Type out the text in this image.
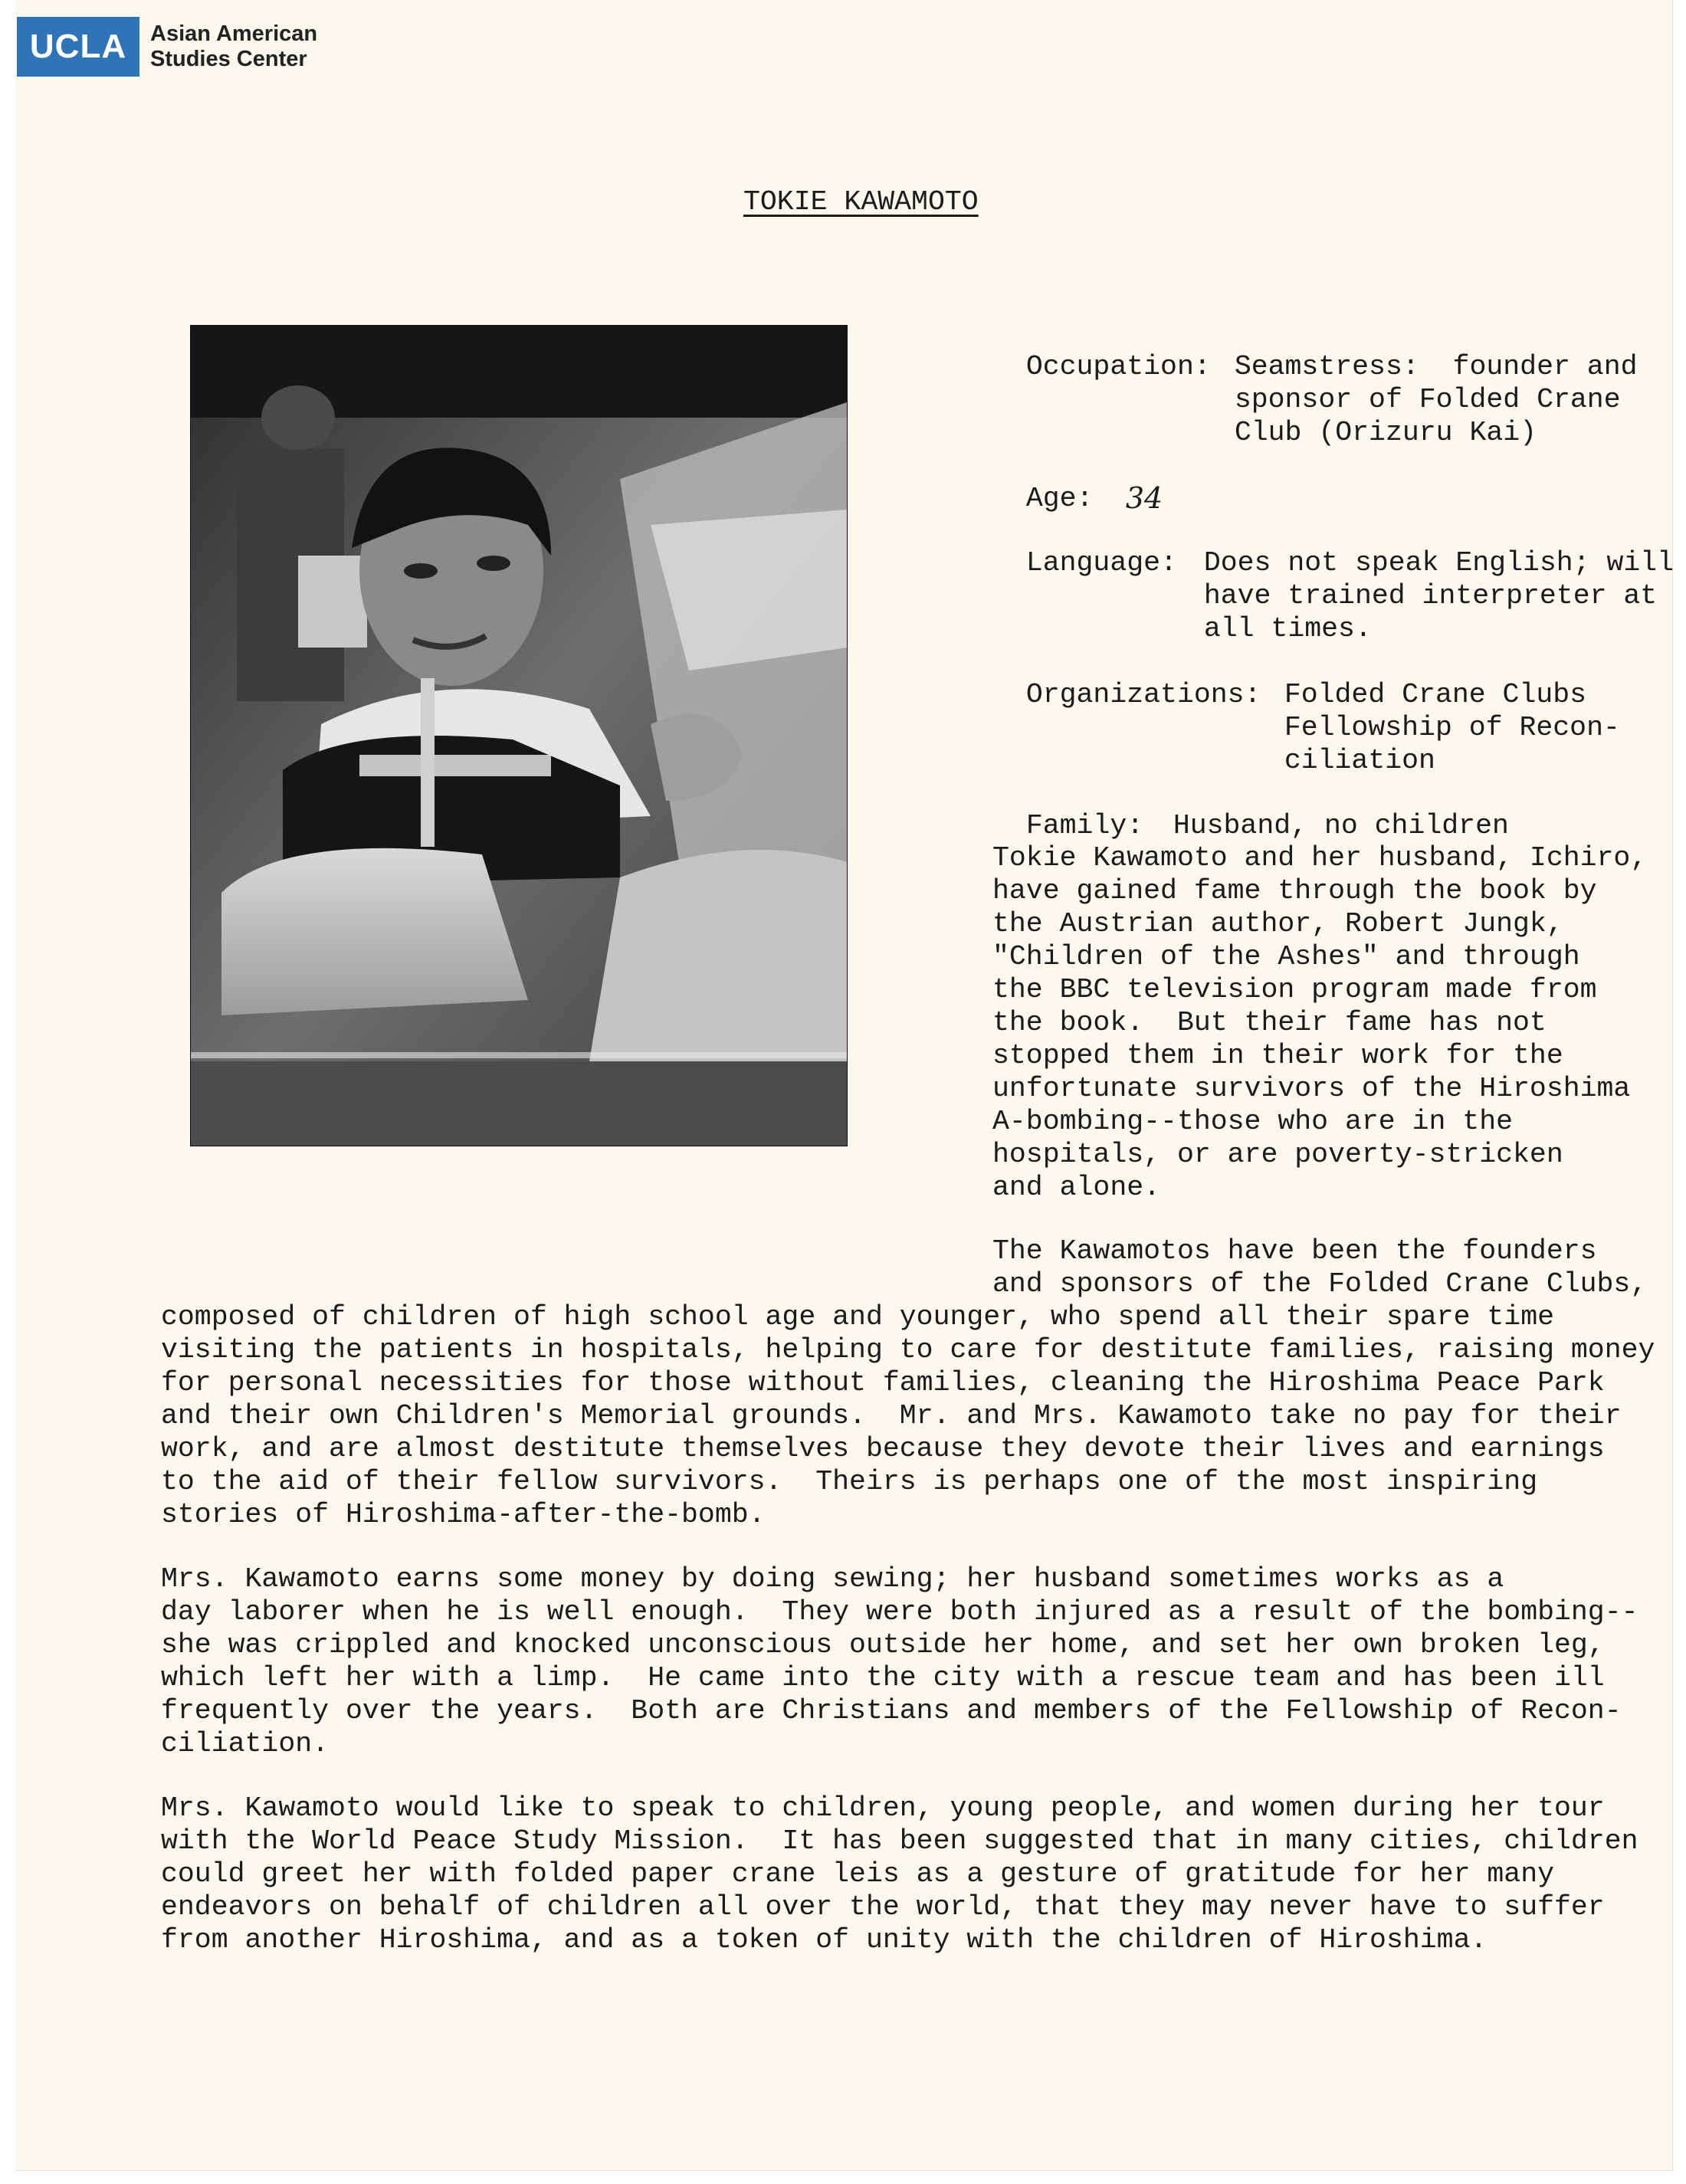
UCLA	Asian American
Studies Center
TOKIE KAWAMOTO

Occupation: Seamstress:  founder and
sponsor of Folded Crane
Club (Orizuru Kai)

Age: 34

Language: Does not speak English; will
have trained interpreter at
all times.

Organizations: Folded Crane Clubs
Fellowship of Recon-
ciliation

Family: Husband, no children

Tokie Kawamoto and her husband, Ichiro,
have gained fame through the book by
the Austrian author, Robert Jungk,
"Children of the Ashes" and through
the BBC television program made from
the book.  But their fame has not
stopped them in their work for the
unfortunate survivors of the Hiroshima
A-bombing--those who are in the
hospitals, or are poverty-stricken
and alone.
The Kawamotos have been the founders
and sponsors of the Folded Crane Clubs,
composed of children of high school age and younger, who spend all their spare time
visiting the patients in hospitals, helping to care for destitute families, raising money
for personal necessities for those without families, cleaning the Hiroshima Peace Park
and their own Children's Memorial grounds.  Mr. and Mrs. Kawamoto take no pay for their
work, and are almost destitute themselves because they devote their lives and earnings
to the aid of their fellow survivors.  Theirs is perhaps one of the most inspiring
stories of Hiroshima-after-the-bomb.
Mrs. Kawamoto earns some money by doing sewing; her husband sometimes works as a
day laborer when he is well enough.  They were both injured as a result of the bombing--
she was crippled and knocked unconscious outside her home, and set her own broken leg,
which left her with a limp.  He came into the city with a rescue team and has been ill
frequently over the years.  Both are Christians and members of the Fellowship of Recon-
ciliation.
Mrs. Kawamoto would like to speak to children, young people, and women during her tour
with the World Peace Study Mission.  It has been suggested that in many cities, children
could greet her with folded paper crane leis as a gesture of gratitude for her many
endeavors on behalf of children all over the world, that they may never have to suffer
from another Hiroshima, and as a token of unity with the children of Hiroshima.
